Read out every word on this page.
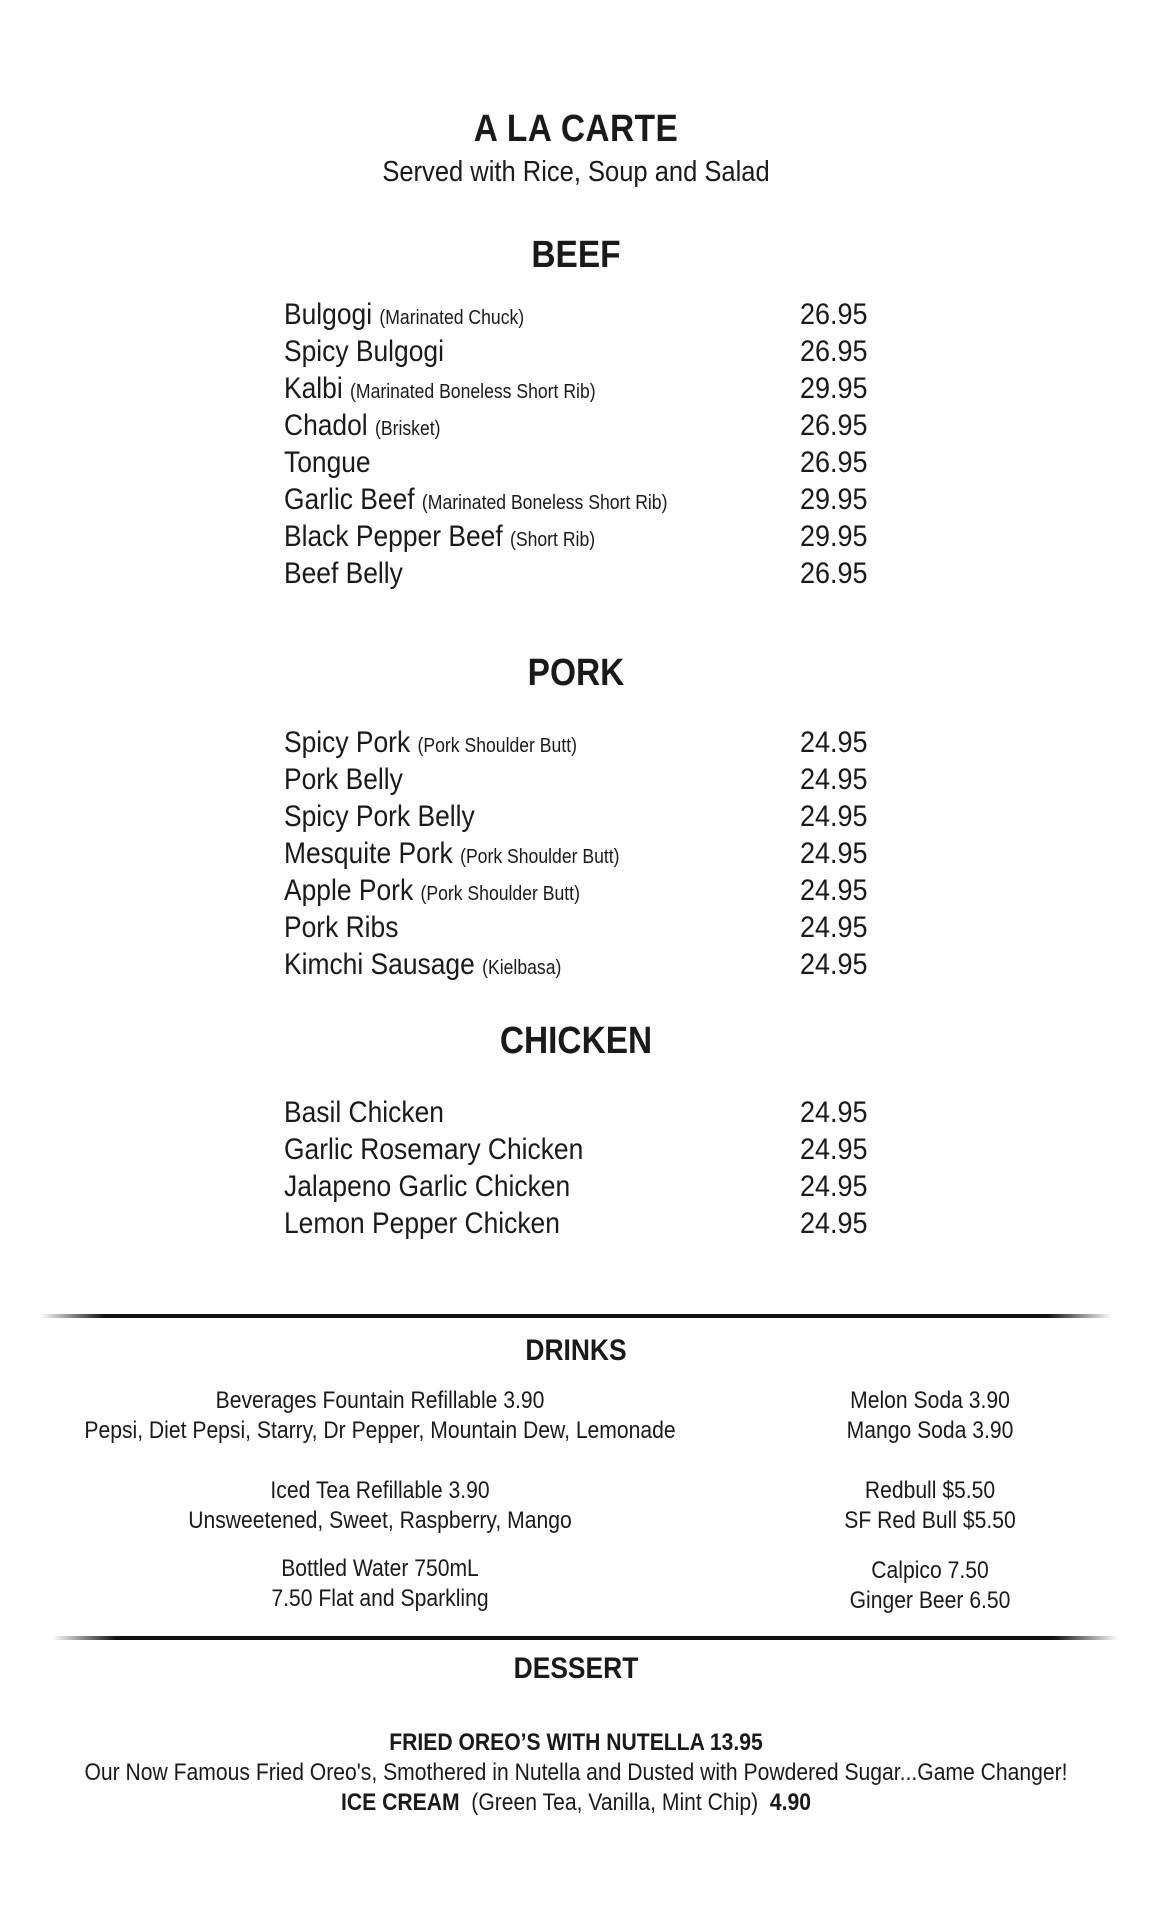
A LA CARTE
Served with Rice, Soup and Salad
BEEF
Bulgogi (Marinated Chuck)	26.95
Spicy Bulgogi	26.95
Kalbi (Marinated Boneless Short Rib)	29.95
Chadol (Brisket)	26.95
Tongue	26.95
Garlic Beef (Marinated Boneless Short Rib)	29.95
Black Pepper Beef (Short Rib)	29.95
Beef Belly	26.95
PORK
Spicy Pork (Pork Shoulder Butt)	24.95
Pork Belly	24.95
Spicy Pork Belly	24.95
Mesquite Pork (Pork Shoulder Butt)	24.95
Apple Pork (Pork Shoulder Butt)	24.95
Pork Ribs	24.95
Kimchi Sausage (Kielbasa)	24.95
CHICKEN
Basil Chicken	24.95
Garlic Rosemary Chicken	24.95
Jalapeno Garlic Chicken	24.95
Lemon Pepper Chicken	24.95
DRINKS
Beverages Fountain Refillable 3.90
Pepsi, Diet Pepsi, Starry, Dr Pepper, Mountain Dew, Lemonade
Iced Tea Refillable 3.90
Unsweetened, Sweet, Raspberry, Mango
Bottled Water 750mL
7.50 Flat and Sparkling
Melon Soda 3.90
Mango Soda 3.90
Redbull $5.50
SF Red Bull $5.50
Calpico 7.50
Ginger Beer 6.50
DESSERT
FRIED OREO’S WITH NUTELLA 13.95
Our Now Famous Fried Oreo's, Smothered in Nutella and Dusted with Powdered Sugar...Game Changer!
ICE CREAM (Green Tea, Vanilla, Mint Chip) 4.90
